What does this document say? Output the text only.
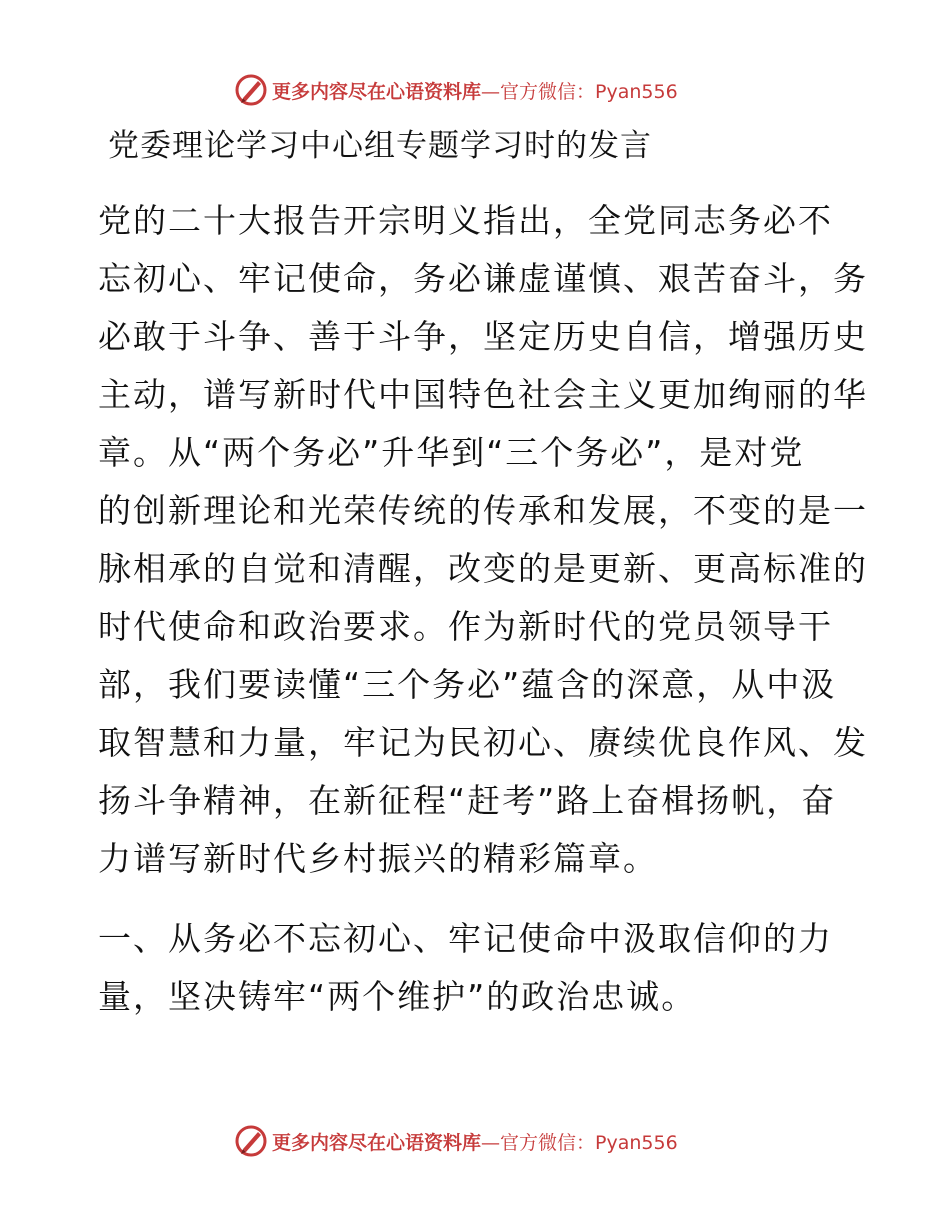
更多内容尽在心语资料库—官方微信：Pyan556
党委理论学习中心组专题学习时的发言

党的二十大报告开宗明义指出，全党同志务必不
忘初心、牢记使命，务必谦虚谨慎、艰苦奋斗，务
必敢于斗争、善于斗争，坚定历史自信，增强历史
主动，谱写新时代中国特色社会主义更加绚丽的华
章。从“两个务必”升华到“三个务必”，是对党
的创新理论和光荣传统的传承和发展，不变的是一
脉相承的自觉和清醒，改变的是更新、更高标准的
时代使命和政治要求。作为新时代的党员领导干
部，我们要读懂“三个务必”蕴含的深意，从中汲
取智慧和力量，牢记为民初心、赓续优良作风、发
扬斗争精神，在新征程“赶考”路上奋楫扬帆，奋
力谱写新时代乡村振兴的精彩篇章。

一、从务必不忘初心、牢记使命中汲取信仰的力
量，坚决铸牢“两个维护”的政治忠诚。

更多内容尽在心语资料库—官方微信：Pyan556
